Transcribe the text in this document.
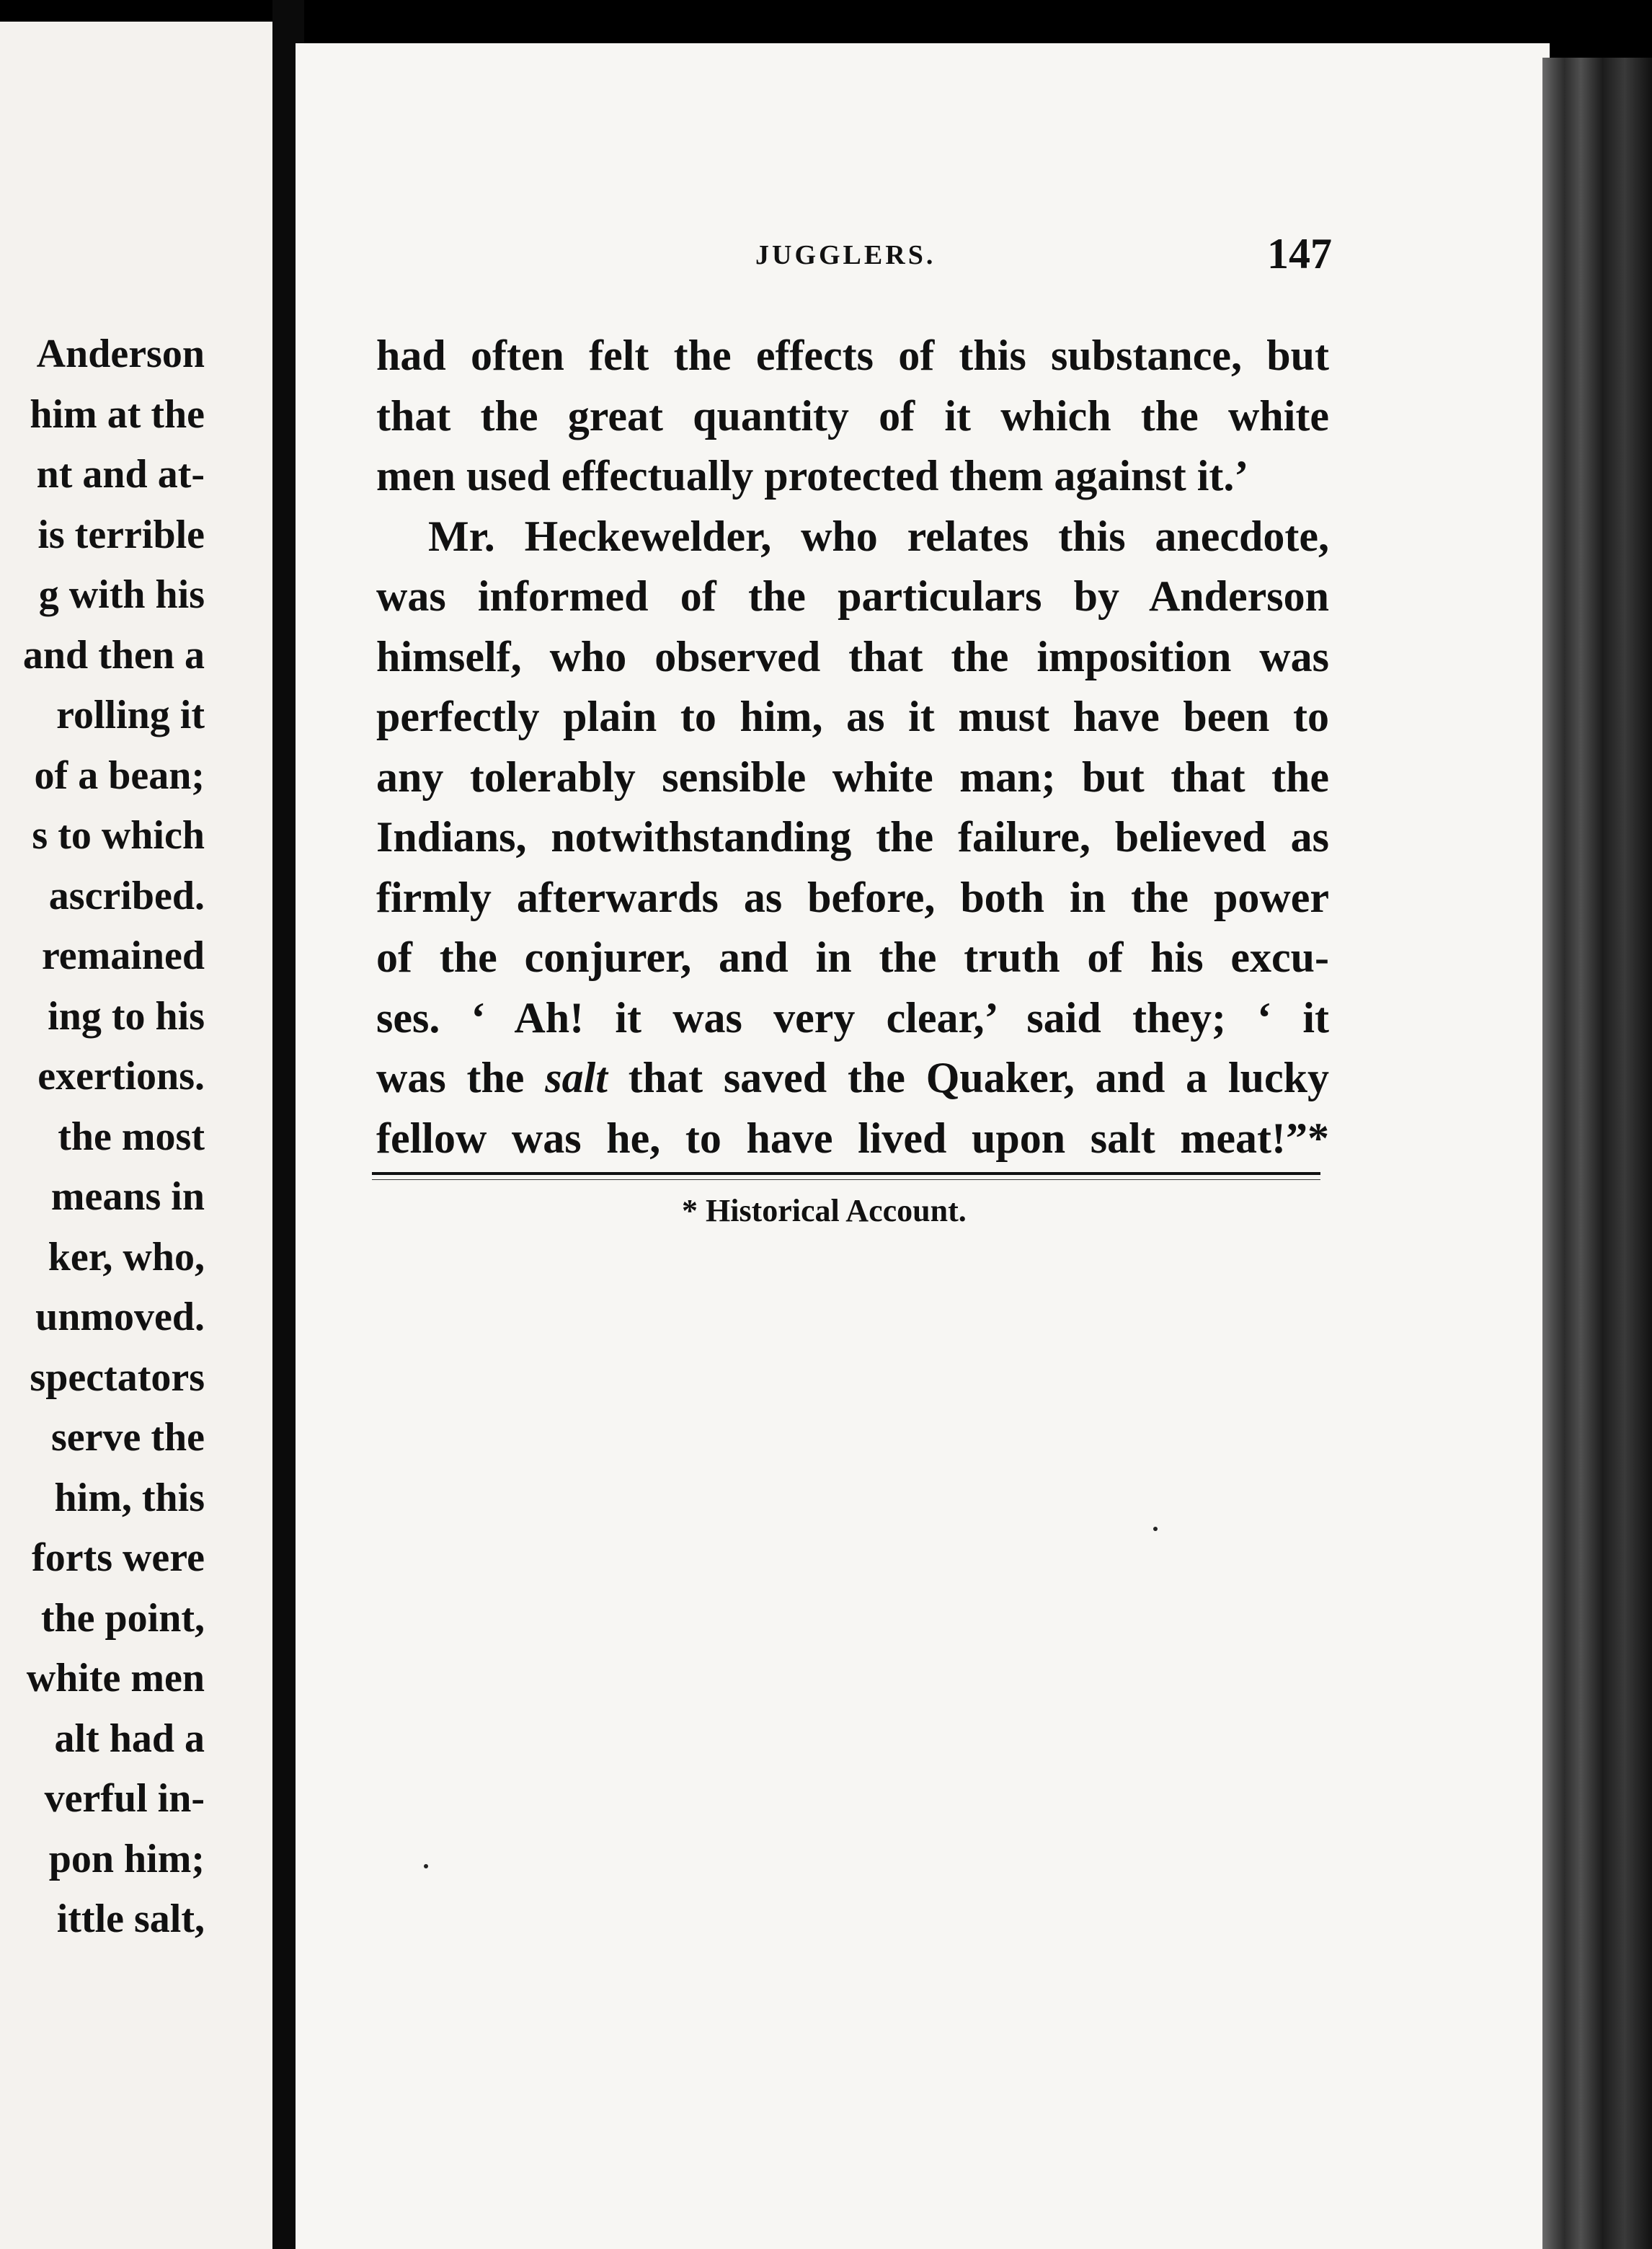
Anderson
him at the
nt and at-
is terrible
g with his
and then a
rolling it
of a bean;
s to which
ascribed.
remained
ing to his
exertions.
the most
means in
ker, who,
unmoved.
spectators
serve the
him, this
forts were
the point,
white men
alt had a
verful in-
pon him;
ittle salt,
JUGGLERS.	147
had often felt the effects of this substance, but
that the great quantity of it which the white
men used effectually protected them against it.’
Mr. Heckewelder, who relates this anecdote,
was informed of the particulars by Anderson
himself, who observed that the imposition was
perfectly plain to him, as it must have been to
any tolerably sensible white man; but that the
Indians, notwithstanding the failure, believed as
firmly afterwards as before, both in the power
of the conjurer, and in the truth of his excu-
ses. ‘ Ah! it was very clear,’ said they; ‘ it
was the salt that saved the Quaker, and a lucky
fellow was he, to have lived upon salt meat!”*
* Historical Account.
